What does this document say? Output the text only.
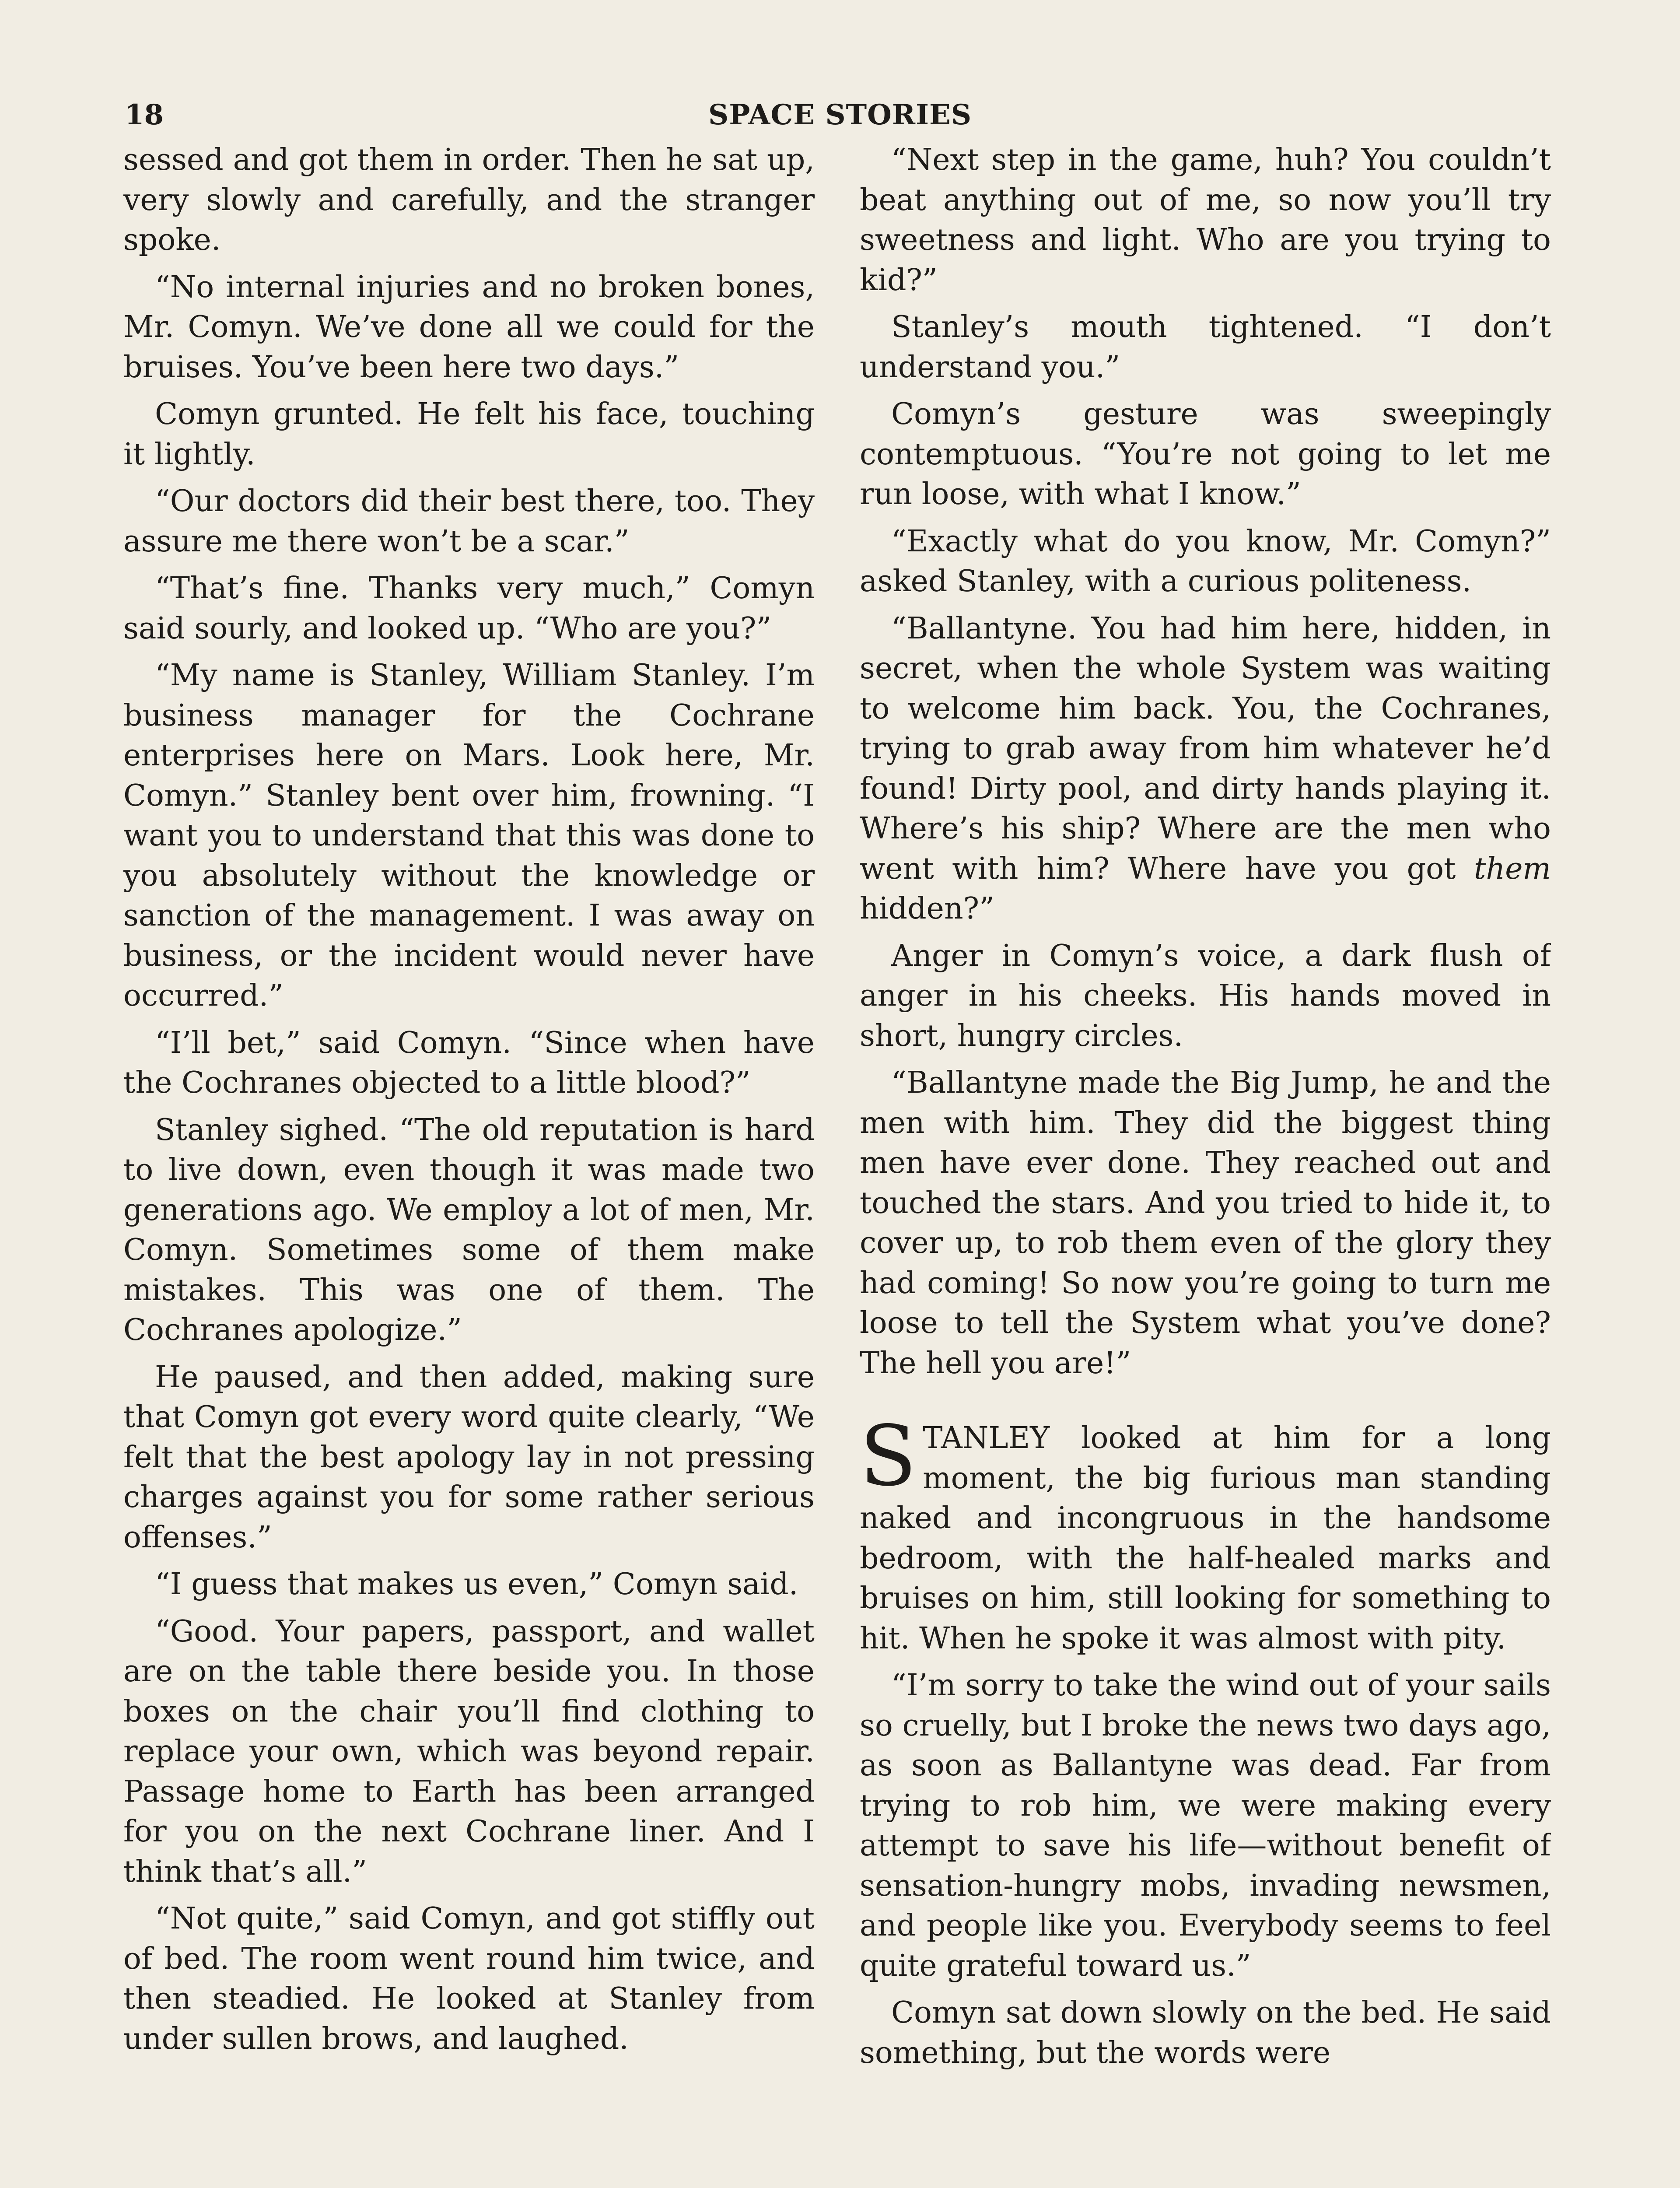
18	SPACE STORIES

sessed and got them in order. Then he sat up, very slowly and carefully, and the stranger spoke.

“No internal injuries and no broken bones, Mr. Comyn. We’ve done all we could for the bruises. You’ve been here two days.”

Comyn grunted. He felt his face, touching it lightly.

“Our doctors did their best there, too. They assure me there won’t be a scar.”

“That’s fine. Thanks very much,” Comyn said sourly, and looked up. “Who are you?”

“My name is Stanley, William Stanley. I’m business manager for the Cochrane enterprises here on Mars. Look here, Mr. Comyn.” Stanley bent over him, frowning. “I want you to understand that this was done to you absolutely without the knowledge or sanction of the management. I was away on business, or the incident would never have occurred.”

“I’ll bet,” said Comyn. “Since when have the Cochranes objected to a little blood?”

Stanley sighed. “The old reputation is hard to live down, even though it was made two generations ago. We employ a lot of men, Mr. Comyn. Sometimes some of them make mistakes. This was one of them. The Cochranes apologize.”

He paused, and then added, making sure that Comyn got every word quite clearly, “We felt that the best apology lay in not pressing charges against you for some rather serious offenses.”

“I guess that makes us even,” Comyn said.

“Good. Your papers, passport, and wallet are on the table there beside you. In those boxes on the chair you’ll find clothing to replace your own, which was beyond repair. Passage home to Earth has been arranged for you on the next Cochrane liner. And I think that’s all.”

“Not quite,” said Comyn, and got stiffly out of bed. The room went round him twice, and then steadied. He looked at Stanley from under sullen brows, and laughed.

“Next step in the game, huh? You couldn’t beat anything out of me, so now you’ll try sweetness and light. Who are you trying to kid?”

Stanley’s mouth tightened. “I don’t understand you.”

Comyn’s gesture was sweepingly contemptuous. “You’re not going to let me run loose, with what I know.”

“Exactly what do you know, Mr. Comyn?” asked Stanley, with a curious politeness.

“Ballantyne. You had him here, hidden, in secret, when the whole System was waiting to welcome him back. You, the Cochranes, trying to grab away from him whatever he’d found! Dirty pool, and dirty hands playing it. Where’s his ship? Where are the men who went with him? Where have you got them hidden?”

Anger in Comyn’s voice, a dark flush of anger in his cheeks. His hands moved in short, hungry circles.

“Ballantyne made the Big Jump, he and the men with him. They did the biggest thing men have ever done. They reached out and touched the stars. And you tried to hide it, to cover up, to rob them even of the glory they had coming! So now you’re going to turn me loose to tell the System what you’ve done? The hell you are!”

STANLEY looked at him for a long moment, the big furious man standing naked and incongruous in the handsome bedroom, with the half-healed marks and bruises on him, still looking for something to hit. When he spoke it was almost with pity.

“I’m sorry to take the wind out of your sails so cruelly, but I broke the news two days ago, as soon as Ballantyne was dead. Far from trying to rob him, we were making every attempt to save his life—without benefit of sensation-hungry mobs, invading newsmen, and people like you. Everybody seems to feel quite grateful toward us.”

Comyn sat down slowly on the bed. He said something, but the words were
